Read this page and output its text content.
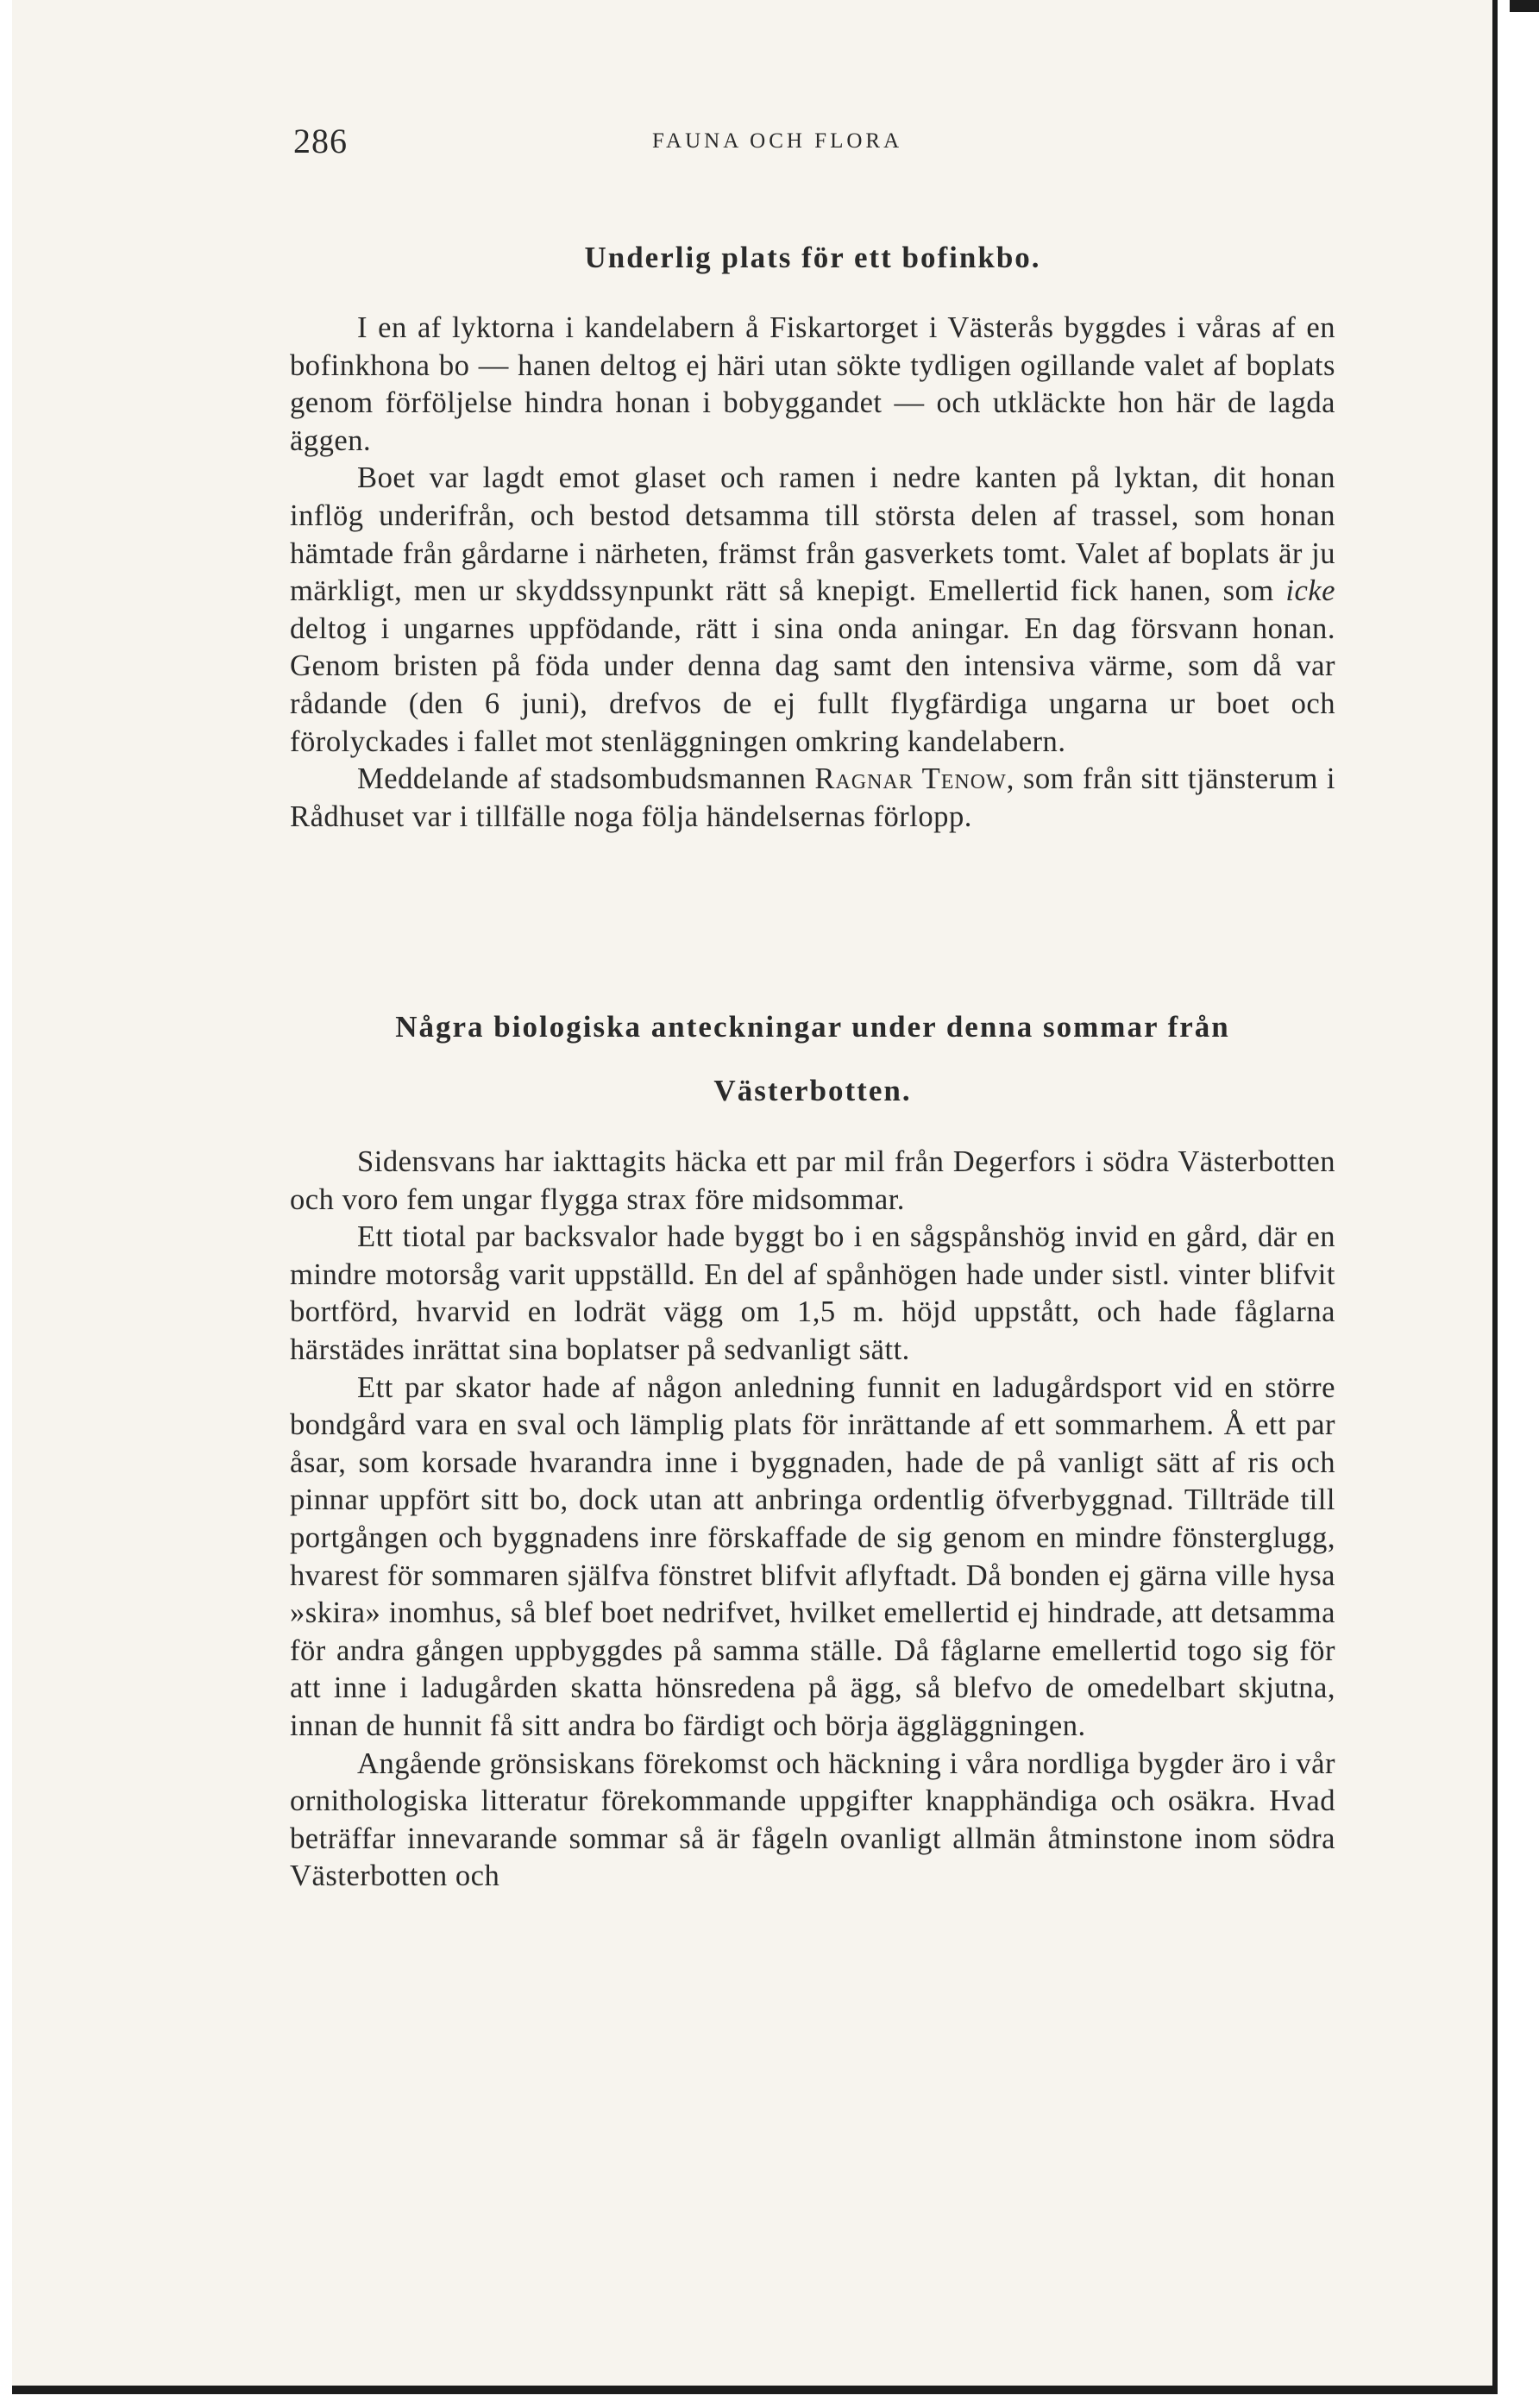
286	FAUNA OCH FLORA
Underlig plats för ett bofinkbo.

I en af lyktorna i kandelabern å Fiskartorget i Västerås byggdes i våras af en bofinkhona bo — hanen deltog ej häri utan sökte tydligen ogillande valet af boplats genom förföljelse hindra honan i bobyggandet — och utkläckte hon här de lagda äggen.

Boet var lagdt emot glaset och ramen i nedre kanten på lyktan, dit honan inflög underifrån, och bestod detsamma till största delen af trassel, som honan hämtade från gårdarne i närheten, främst från gasverkets tomt. Valet af boplats är ju märkligt, men ur skyddssynpunkt rätt så knepigt. Emellertid fick hanen, som icke deltog i ungarnes uppfödande, rätt i sina onda aningar. En dag försvann honan. Genom bristen på föda under denna dag samt den intensiva värme, som då var rådande (den 6 juni), drefvos de ej fullt flygfärdiga ungarna ur boet och förolyckades i fallet mot stenläggningen omkring kandelabern.

Meddelande af stadsombudsmannen Ragnar Tenow, som från sitt tjänsterum i Rådhuset var i tillfälle noga följa händelsernas förlopp.

Några biologiska anteckningar under denna sommar från
Västerbotten.

Sidensvans har iakttagits häcka ett par mil från Degerfors i södra Västerbotten och voro fem ungar flygga strax före midsommar.

Ett tiotal par backsvalor hade byggt bo i en sågspånshög invid en gård, där en mindre motorsåg varit uppställd. En del af spånhögen hade under sistl. vinter blifvit bortförd, hvarvid en lodrät vägg om 1,5 m. höjd uppstått, och hade fåglarna härstädes inrättat sina boplatser på sedvanligt sätt.

Ett par skator hade af någon anledning funnit en ladugårdsport vid en större bondgård vara en sval och lämplig plats för inrättande af ett sommarhem. Å ett par åsar, som korsade hvarandra inne i byggnaden, hade de på vanligt sätt af ris och pinnar uppfört sitt bo, dock utan att anbringa ordentlig öfverbyggnad. Tillträde till portgången och byggnadens inre förskaffade de sig genom en mindre fönsterglugg, hvarest för sommaren själfva fönstret blifvit aflyftadt. Då bonden ej gärna ville hysa »skira» inomhus, så blef boet nedrifvet, hvilket emellertid ej hindrade, att detsamma för andra gången uppbyggdes på samma ställe. Då fåglarne emellertid togo sig för att inne i ladugården skatta hönsredena på ägg, så blefvo de omedelbart skjutna, innan de hunnit få sitt andra bo färdigt och börja äggläggningen.

Angående grönsiskans förekomst och häckning i våra nordliga bygder äro i vår ornithologiska litteratur förekommande uppgifter knapphändiga och osäkra. Hvad beträffar innevarande sommar så är fågeln ovanligt allmän åtminstone inom södra Västerbotten och
